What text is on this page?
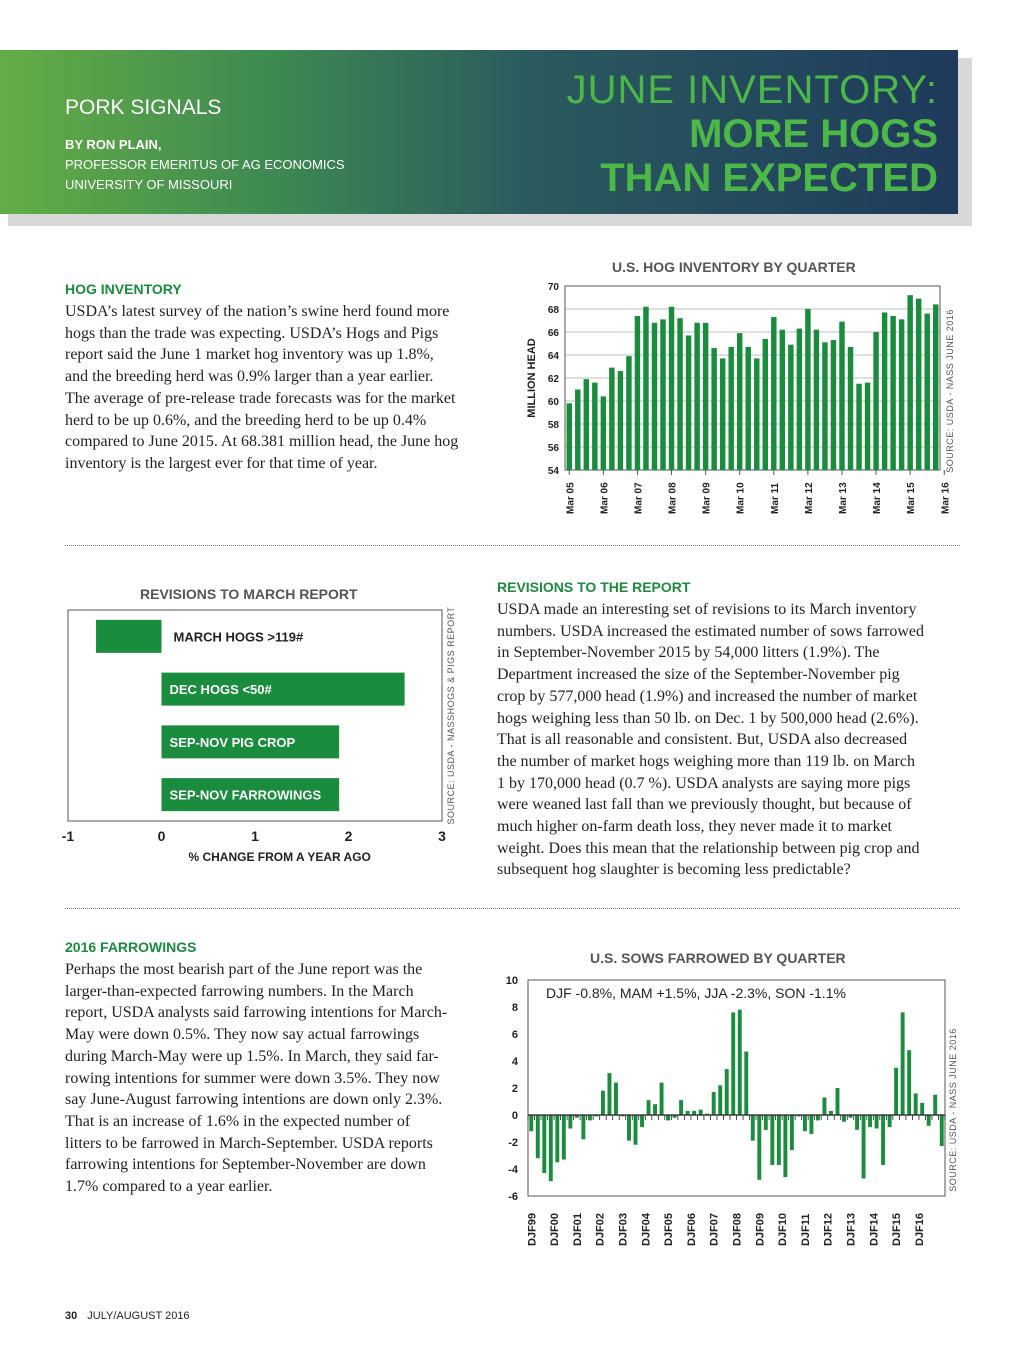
PORK SIGNALS
BY RON PLAIN,
PROFESSOR EMERITUS OF AG ECONOMICS
UNIVERSITY OF MISSOURI
JUNE INVENTORY:
MORE HOGS
THAN EXPECTED
HOG INVENTORY
USDA’s latest survey of the nation’s swine herd found more
hogs than the trade was expecting. USDA’s Hogs and Pigs
report said the June 1 market hog inventory was up 1.8%,
and the breeding herd was 0.9% larger than a year earlier.
The average of pre-release trade forecasts was for the market
herd to be up 0.6%, and the breeding herd to be up 0.4%
compared to June 2015. At 68.381 million head, the June hog
inventory is the largest ever for that time of year.
U.S. HOG INVENTORY BY QUARTER
54
56
58
60
62
64
66
68
70
Mar 05 Mar 06 Mar 07 Mar 08 Mar 09 Mar 10 Mar 11 Mar 12 Mar 13 Mar 14 Mar 15 Mar 16
MILLION HEAD	SOURCE: USDA - NASS JUNE 2016
REVISIONS TO MARCH REPORT
MARCH HOGS >119#
DEC HOGS <50#
SEP-NOV PIG CROP
SEP-NOV FARROWINGS
-1	0	1	2	3
% CHANGE FROM A YEAR AGO
SOURCE: USDA - NASSHOGS & PIGS REPORT
REVISIONS TO THE REPORT
USDA made an interesting set of revisions to its March inventory
numbers. USDA increased the estimated number of sows farrowed
in September-November 2015 by 54,000 litters (1.9%). The
Department increased the size of the September-November pig
crop by 577,000 head (1.9%) and increased the number of market
hogs weighing less than 50 lb. on Dec. 1 by 500,000 head (2.6%).
That is all reasonable and consistent. But, USDA also decreased
the number of market hogs weighing more than 119 lb. on March
1 by 170,000 head (0.7 %). USDA analysts are saying more pigs
were weaned last fall than we previously thought, but because of
much higher on-farm death loss, they never made it to market
weight. Does this mean that the relationship between pig crop and
subsequent hog slaughter is becoming less predictable?
2016 FARROWINGS
Perhaps the most bearish part of the June report was the
larger-than-expected farrowing numbers. In the March
report, USDA analysts said farrowing intentions for March-
May were down 0.5%. They now say actual farrowings
during March-May were up 1.5%. In March, they said far-
rowing intentions for summer were down 3.5%. They now
say June-August farrowing intentions are down only 2.3%.
That is an increase of 1.6% in the expected number of
litters to be farrowed in March-September. USDA reports
farrowing intentions for September-November are down
1.7% compared to a year earlier.
U.S. SOWS FARROWED BY QUARTER
-6
-4
-2
0
2
4
6
8
10
DJF -0.8%, MAM +1.5%, JJA -2.3%, SON -1.1%
DJF99 DJF00 DJF01 DJF02 DJF03 DJF04 DJF05 DJF06 DJF07 DJF08 DJF09 DJF10 DJF11 DJF12 DJF13 DJF14 DJF15 DJF16
SOURCE: USDA - NASS JUNE 2016
30 JULY/AUGUST 2016
